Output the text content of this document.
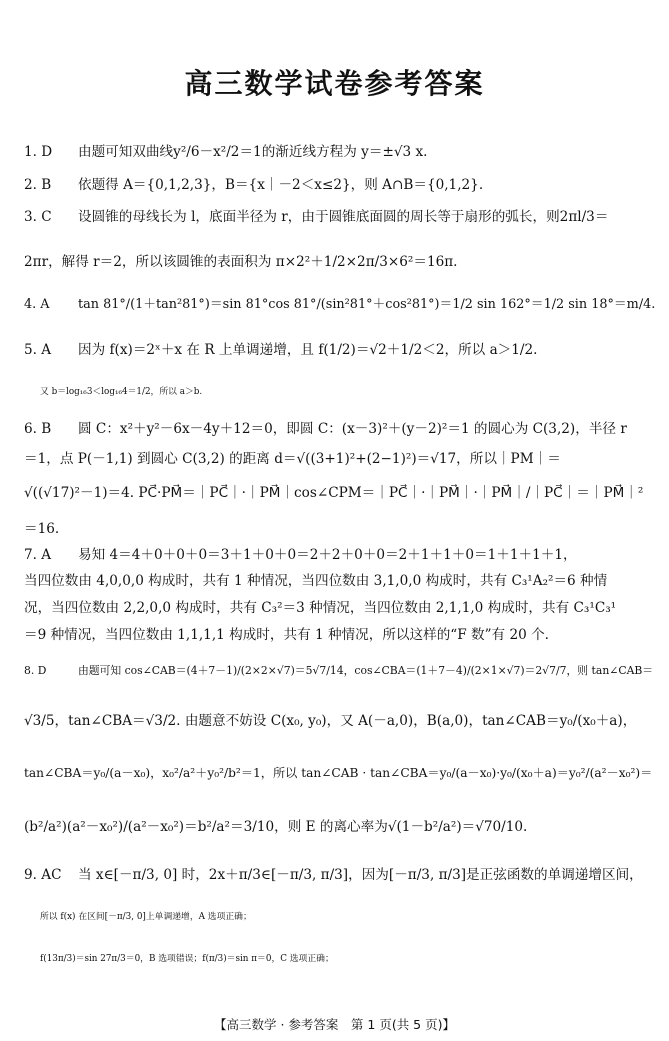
高三数学试卷参考答案
1. D 由题可知双曲线y²/6－x²/2＝1的渐近线方程为 y＝±√3 x.
2. B 依题得 A＝{0,1,2,3}，B＝{x｜－2＜x≤2}，则 A∩B＝{0,1,2}.
3. C 设圆锥的母线长为 l，底面半径为 r，由于圆锥底面圆的周长等于扇形的弧长，则2πl/3＝
2πr，解得 r＝2，所以该圆锥的表面积为 π×2²＋1/2×2π/3×6²＝16π.
4. A tan 81°/(1＋tan²81°)＝sin 81°cos 81°/(sin²81°＋cos²81°)＝1/2 sin 162°＝1/2 sin 18°＝m/4.
5. A 因为 f(x)＝2ˣ＋x 在 R 上单调递增，且 f(1/2)＝√2＋1/2＜2，所以 a＞1/2.
又 b＝log₁₆3＜log₁₆4＝1/2，所以 a＞b.
6. B 圆 C：x²＋y²－6x－4y＋12＝0，即圆 C：(x－3)²＋(y－2)²＝1 的圆心为 C(3,2)，半径 r
＝1，点 P(－1,1) 到圆心 C(3,2) 的距离 d＝√((3+1)²+(2−1)²)＝√17，所以｜PM｜＝
√((√17)²－1)＝4. PC⃗·PM⃗＝｜PC⃗｜·｜PM⃗｜cos∠CPM＝｜PC⃗｜·｜PM⃗｜·｜PM⃗｜/｜PC⃗｜＝｜PM⃗｜²
＝16.
7. A 易知 4＝4＋0＋0＋0＝3＋1＋0＋0＝2＋2＋0＋0＝2＋1＋1＋0＝1＋1＋1＋1，
当四位数由 4,0,0,0 构成时，共有 1 种情况，当四位数由 3,1,0,0 构成时，共有 C₃¹A₂²＝6 种情
况，当四位数由 2,2,0,0 构成时，共有 C₃²＝3 种情况，当四位数由 2,1,1,0 构成时，共有 C₃¹C₃¹
＝9 种情况，当四位数由 1,1,1,1 构成时，共有 1 种情况，所以这样的“F 数”有 20 个.
8. D	由题可知 cos∠CAB＝(4＋7－1)/(2×2×√7)＝5√7/14，cos∠CBA＝(1＋7－4)/(2×1×√7)＝2√7/7，则 tan∠CAB＝
√3/5，tan∠CBA＝√3/2. 由题意不妨设 C(x₀, y₀)，又 A(－a,0)，B(a,0)，tan∠CAB＝y₀/(x₀＋a)，
tan∠CBA＝y₀/(a－x₀)，x₀²/a²＋y₀²/b²＝1，所以 tan∠CAB · tan∠CBA＝y₀/(a－x₀)·y₀/(x₀＋a)＝y₀²/(a²－x₀²)＝
(b²/a²)(a²－x₀²)/(a²－x₀²)＝b²/a²＝3/10，则 E 的离心率为√(1－b²/a²)＝√70/10.
9. AC 当 x∈[－π/3, 0] 时，2x＋π/3∈[－π/3, π/3]，因为[－π/3, π/3]是正弦函数的单调递增区间，
所以 f(x) 在区间[－π/3, 0]上单调递增，A 选项正确；
f(13π/3)＝sin 27π/3＝0，B 选项错误；f(π/3)＝sin π＝0，C 选项正确；
【高三数学 · 参考答案　第 1 页(共 5 页)】
